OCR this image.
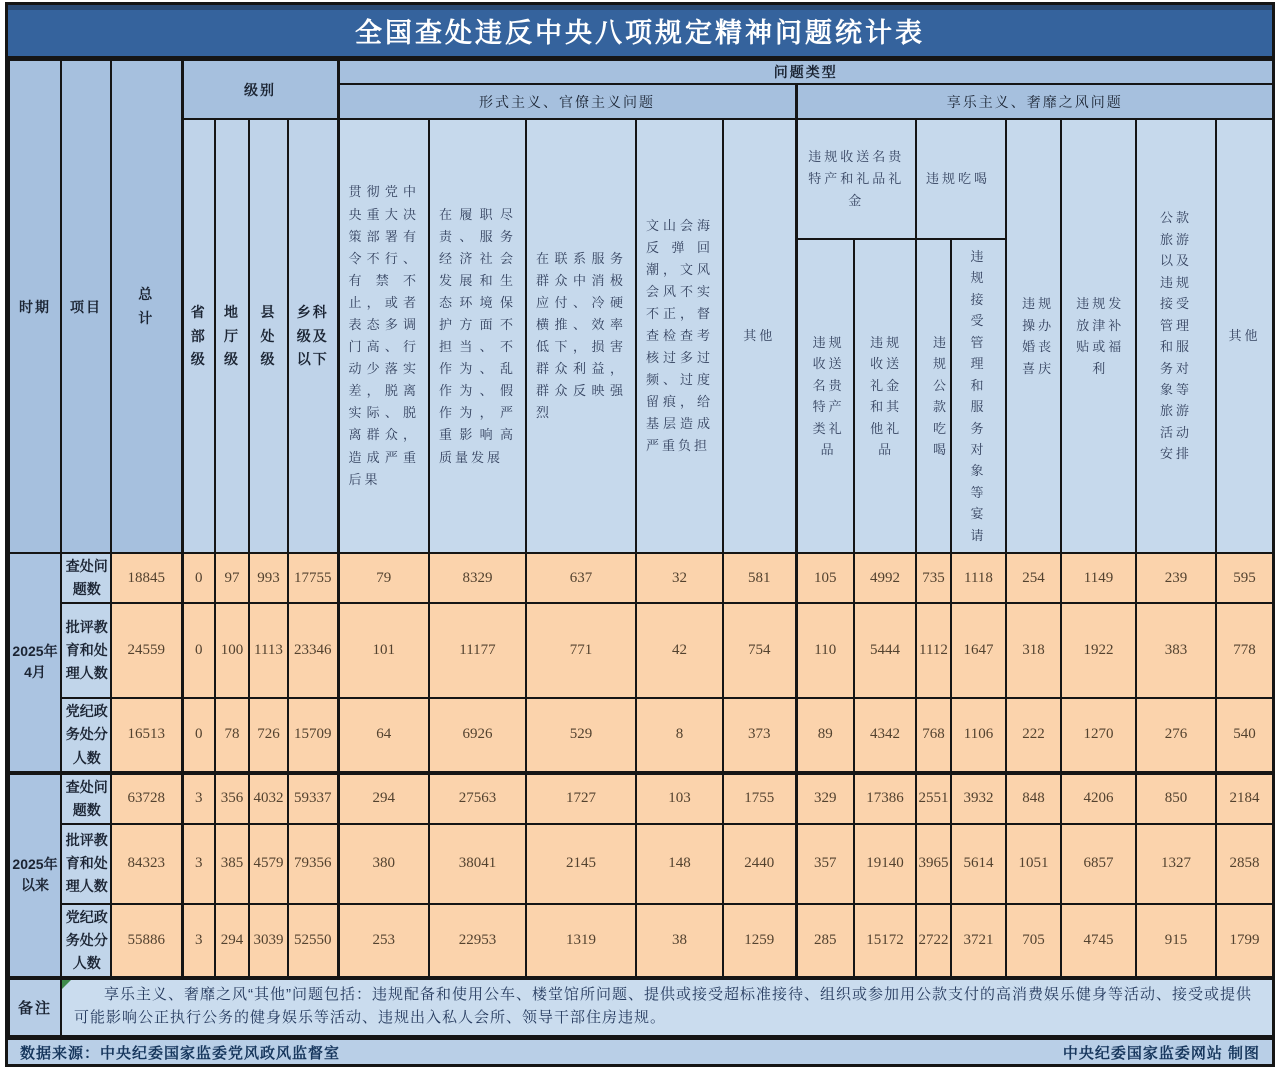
全国查处违反中央八项规定精神问题统计表
时期	项目	总计	级别				问题类型												
							形式主义、官僚主义问题					享乐主义、奢靡之风问题							
			省部级	地厅级	县处级	乡科级及以下	贯彻党中央重大决策部署有令不行、有禁不止，或者表态多调门高、行动少落实差，脱离实际、脱离群众，造成严重后果	在履职尽责、服务经济社会发展和生态环境保护方面不担当、不作为、乱作为、假作为，严重影响高质量发展	在联系服务群众中消极应付、冷硬横推、效率低下，损害群众利益，群众反映强烈	文山会海反弹回潮，文风会风不实不正，督查检查考核过多过频、过度留痕，给基层造成严重负担	其他	违规收送名贵特产和礼品礼金		违规吃喝		违规操办婚丧喜庆	违规发放津补贴或福利	公款旅游以及违规接受管理和服务对象等旅游活动安排	其他
												违规收送名贵特产类礼品	违规收送礼金和其他礼品	违规公款吃喝	违规接受管理和服务对象等宴请				
2025年4月	查处问题数	18845	0	97	993	17755	79	8329	637	32	581	105	4992	735	1118	254	1149	239	595
	批评教育和处理人数	24559	0	100	1113	23346	101	11177	771	42	754	110	5444	1112	1647	318	1922	383	778
	党纪政务处分人数	16513	0	78	726	15709	64	6926	529	8	373	89	4342	768	1106	222	1270	276	540
2025年以来	查处问题数	63728	3	356	4032	59337	294	27563	1727	103	1755	329	17386	2551	3932	848	4206	850	2184
	批评教育和处理人数	84323	3	385	4579	79356	380	38041	2145	148	2440	357	19140	3965	5614	1051	6857	1327	2858
	党纪政务处分人数	55886	3	294	3039	52550	253	22953	1319	38	1259	285	15172	2722	3721	705	4745	915	1799
备注	享乐主义、奢靡之风“其他”问题包括：违规配备和使用公车、楼堂馆所问题、提供或接受超标准接待、组织或参加用公款支付的高消费娱乐健身等活动、接受或提供可能影响公正执行公务的健身娱乐等活动、违规出入私人会所、领导干部住房违规。																		
数据来源：中央纪委国家监委党风政风监督室	中央纪委国家监委网站 制图
